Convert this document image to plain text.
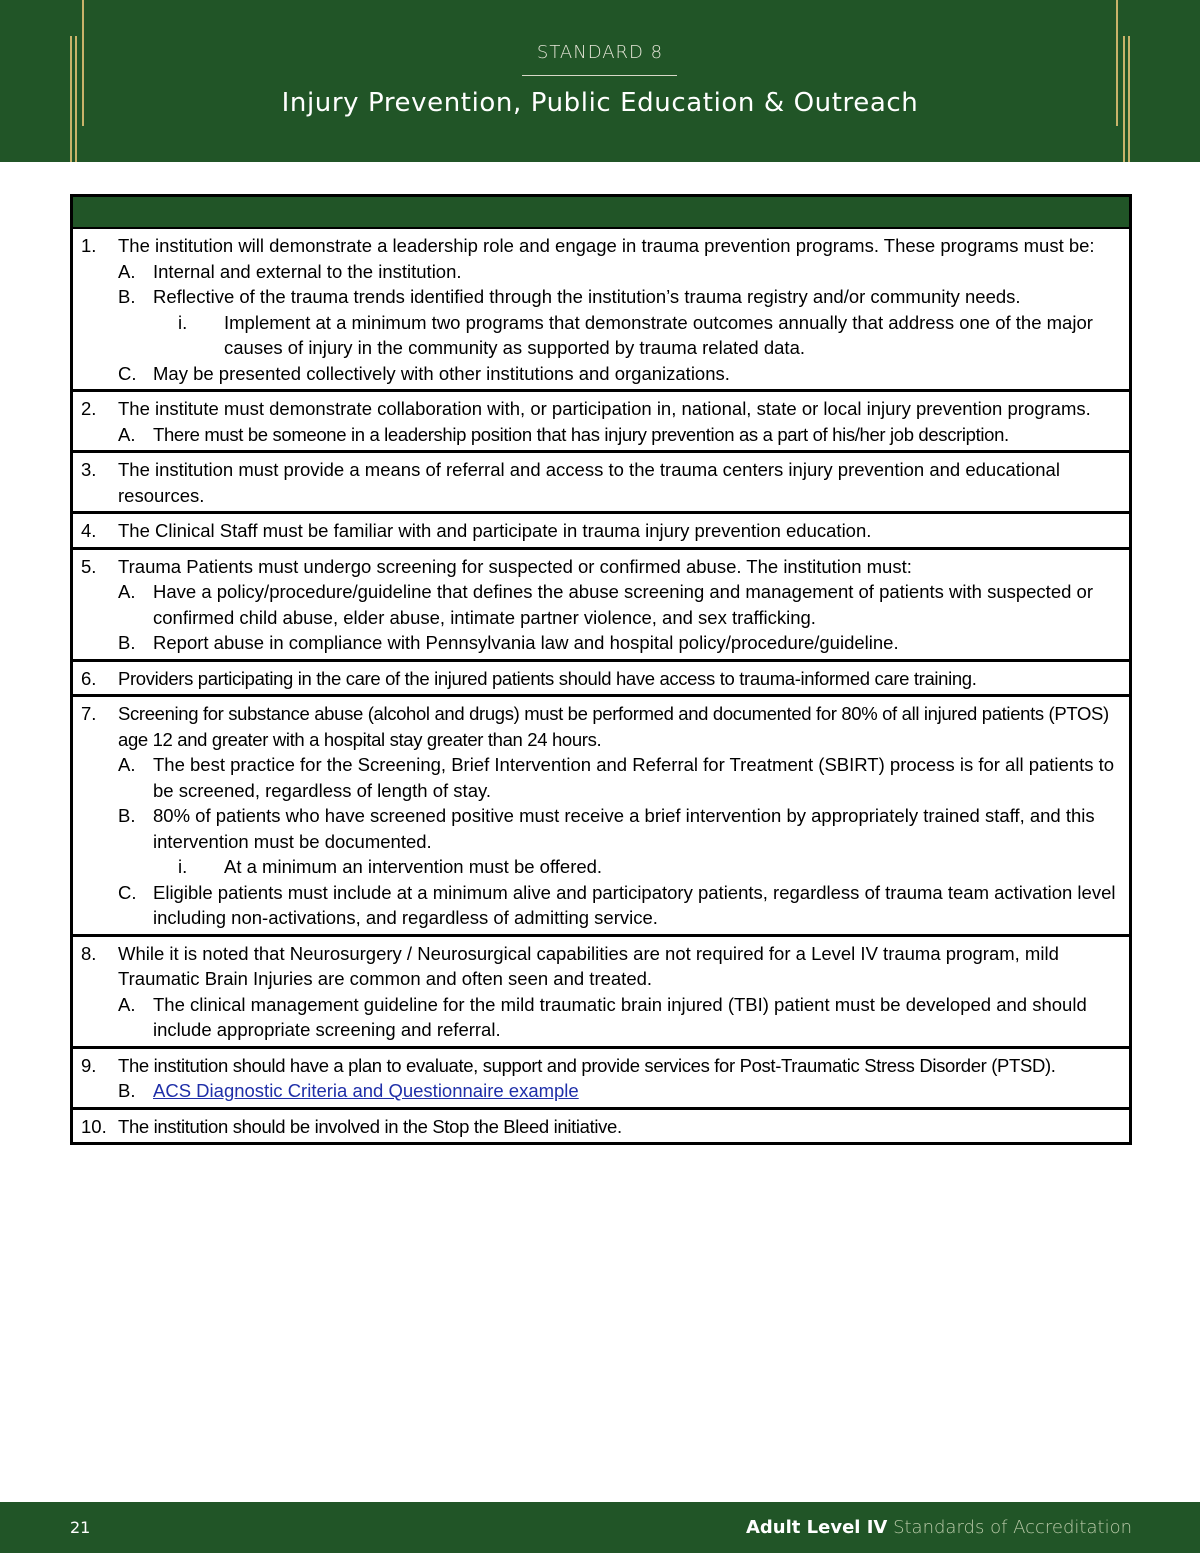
STANDARD 8
Injury Prevention, Public Education & Outreach
1.	The institution will demonstrate a leadership role and engage in trauma prevention programs. These programs must be:
A. Internal and external to the institution.
B. Reflective of the trauma trends identified through the institution’s trauma registry and/or community needs.
i.	Implement at a minimum two programs that demonstrate outcomes annually that address one of the major causes of injury in the community as supported by trauma related data.
C. May be presented collectively with other institutions and organizations.
2.	The institute must demonstrate collaboration with, or participation in, national, state or local injury prevention programs.
A. There must be someone in a leadership position that has injury prevention as a part of his/her job description.
3.	The institution must provide a means of referral and access to the trauma centers injury prevention and educational resources.
4.	The Clinical Staff must be familiar with and participate in trauma injury prevention education.
5.	Trauma Patients must undergo screening for suspected or confirmed abuse. The institution must:
A. Have a policy/procedure/guideline that defines the abuse screening and management of patients with suspected or confirmed child abuse, elder abuse, intimate partner violence, and sex trafficking.
B. Report abuse in compliance with Pennsylvania law and hospital policy/procedure/guideline.
6.	Providers participating in the care of the injured patients should have access to trauma-informed care training.
7.	Screening for substance abuse (alcohol and drugs) must be performed and documented for 80% of all injured patients (PTOS) age 12 and greater with a hospital stay greater than 24 hours.
A. The best practice for the Screening, Brief Intervention and Referral for Treatment (SBIRT) process is for all patients to be screened, regardless of length of stay.
B. 80% of patients who have screened positive must receive a brief intervention by appropriately trained staff, and this intervention must be documented.
i.	At a minimum an intervention must be offered.
C. Eligible patients must include at a minimum alive and participatory patients, regardless of trauma team activation level including non-activations, and regardless of admitting service.
8.	While it is noted that Neurosurgery / Neurosurgical capabilities are not required for a Level IV trauma program, mild Traumatic Brain Injuries are common and often seen and treated.
A. The clinical management guideline for the mild traumatic brain injured (TBI) patient must be developed and should include appropriate screening and referral.
9.	The institution should have a plan to evaluate, support and provide services for Post-Traumatic Stress Disorder (PTSD).
B. ACS Diagnostic Criteria and Questionnaire example
10. The institution should be involved in the Stop the Bleed initiative.
21	Adult Level IV Standards of Accreditation
